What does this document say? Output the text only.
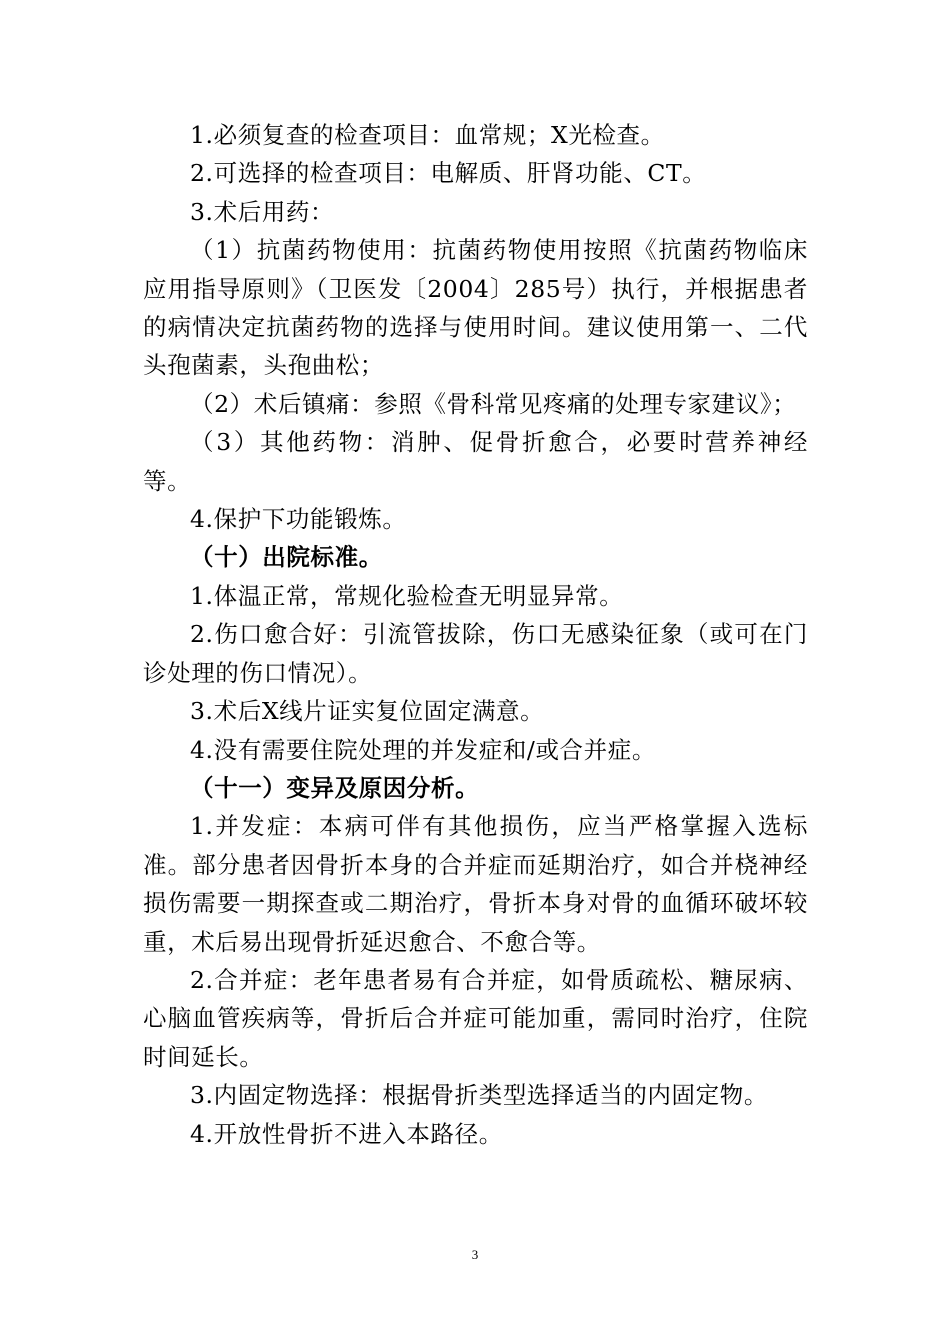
1.必须复查的检查项目：血常规；X光检查。

2.可选择的检查项目：电解质、肝肾功能、CT。

3.术后用药：

（1）抗菌药物使用：抗菌药物使用按照《抗菌药物临床应用指导原则》（卫医发〔2004〕285号）执行，并根据患者的病情决定抗菌药物的选择与使用时间。建议使用第一、二代头孢菌素，头孢曲松；

（2）术后镇痛：参照《骨科常见疼痛的处理专家建议》；

（3）其他药物：消肿、促骨折愈合，必要时营养神经等。

4.保护下功能锻炼。

（十）出院标准。

1.体温正常，常规化验检查无明显异常。

2.伤口愈合好：引流管拔除，伤口无感染征象（或可在门诊处理的伤口情况）。

3.术后X线片证实复位固定满意。

4.没有需要住院处理的并发症和/或合并症。

（十一）变异及原因分析。

1.并发症：本病可伴有其他损伤，应当严格掌握入选标准。部分患者因骨折本身的合并症而延期治疗，如合并桡神经损伤需要一期探查或二期治疗，骨折本身对骨的血循环破坏较重，术后易出现骨折延迟愈合、不愈合等。

2.合并症：老年患者易有合并症，如骨质疏松、糖尿病、心脑血管疾病等，骨折后合并症可能加重，需同时治疗，住院时间延长。

3.内固定物选择：根据骨折类型选择适当的内固定物。

4.开放性骨折不进入本路径。

3
